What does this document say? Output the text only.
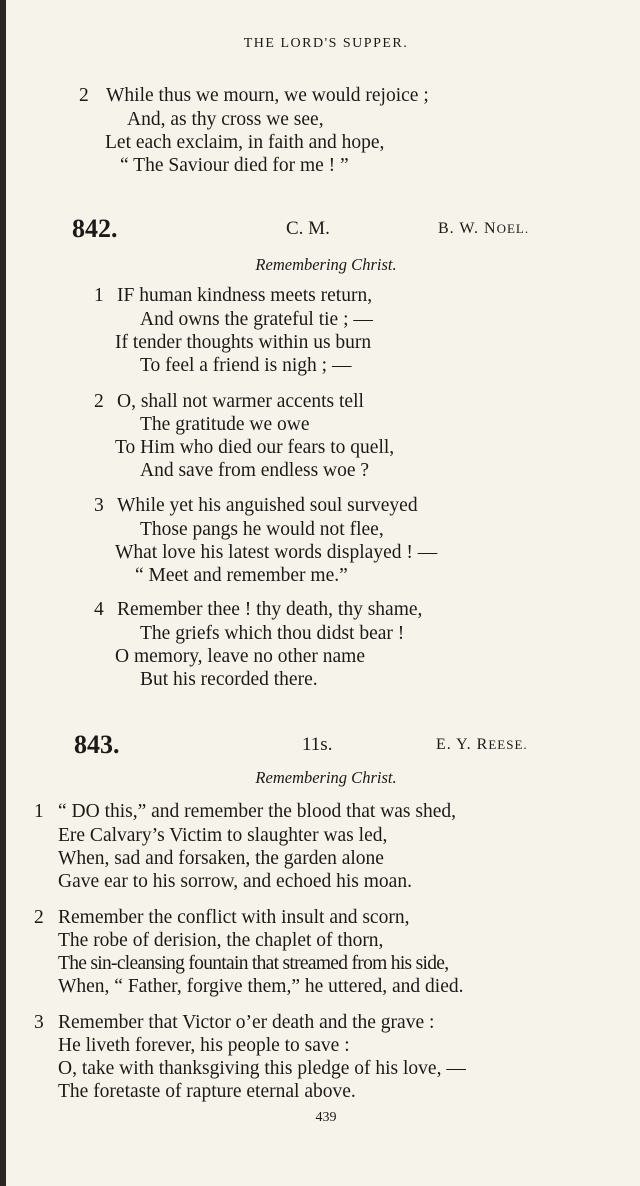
THE LORD'S SUPPER.
2 While thus we mourn, we would rejoice ;
And, as thy cross we see,
Let each exclaim, in faith and hope,
“ The Saviour died for me ! ”
842.	C. M.	B. W. NOEL.
Remembering Christ.
1 IF human kindness meets return,
And owns the grateful tie ; —
If tender thoughts within us burn
To feel a friend is nigh ; —
2 O, shall not warmer accents tell
The gratitude we owe
To Him who died our fears to quell,
And save from endless woe ?
3 While yet his anguished soul surveyed
Those pangs he would not flee,
What love his latest words displayed ! —
“ Meet and remember me.”
4 Remember thee ! thy death, thy shame,
The griefs which thou didst bear !
O memory, leave no other name
But his recorded there.
843.	11s.	E. Y. REESE.
Remembering Christ.
1 “ DO this,” and remember the blood that was shed,
Ere Calvary’s Victim to slaughter was led,
When, sad and forsaken, the garden alone
Gave ear to his sorrow, and echoed his moan.
2 Remember the conflict with insult and scorn,
The robe of derision, the chaplet of thorn,
The sin-cleansing fountain that streamed from his side,
When, “ Father, forgive them,” he uttered, and died.
3 Remember that Victor o’er death and the grave :
He liveth forever, his people to save :
O, take with thanksgiving this pledge of his love, —
The foretaste of rapture eternal above.
439
